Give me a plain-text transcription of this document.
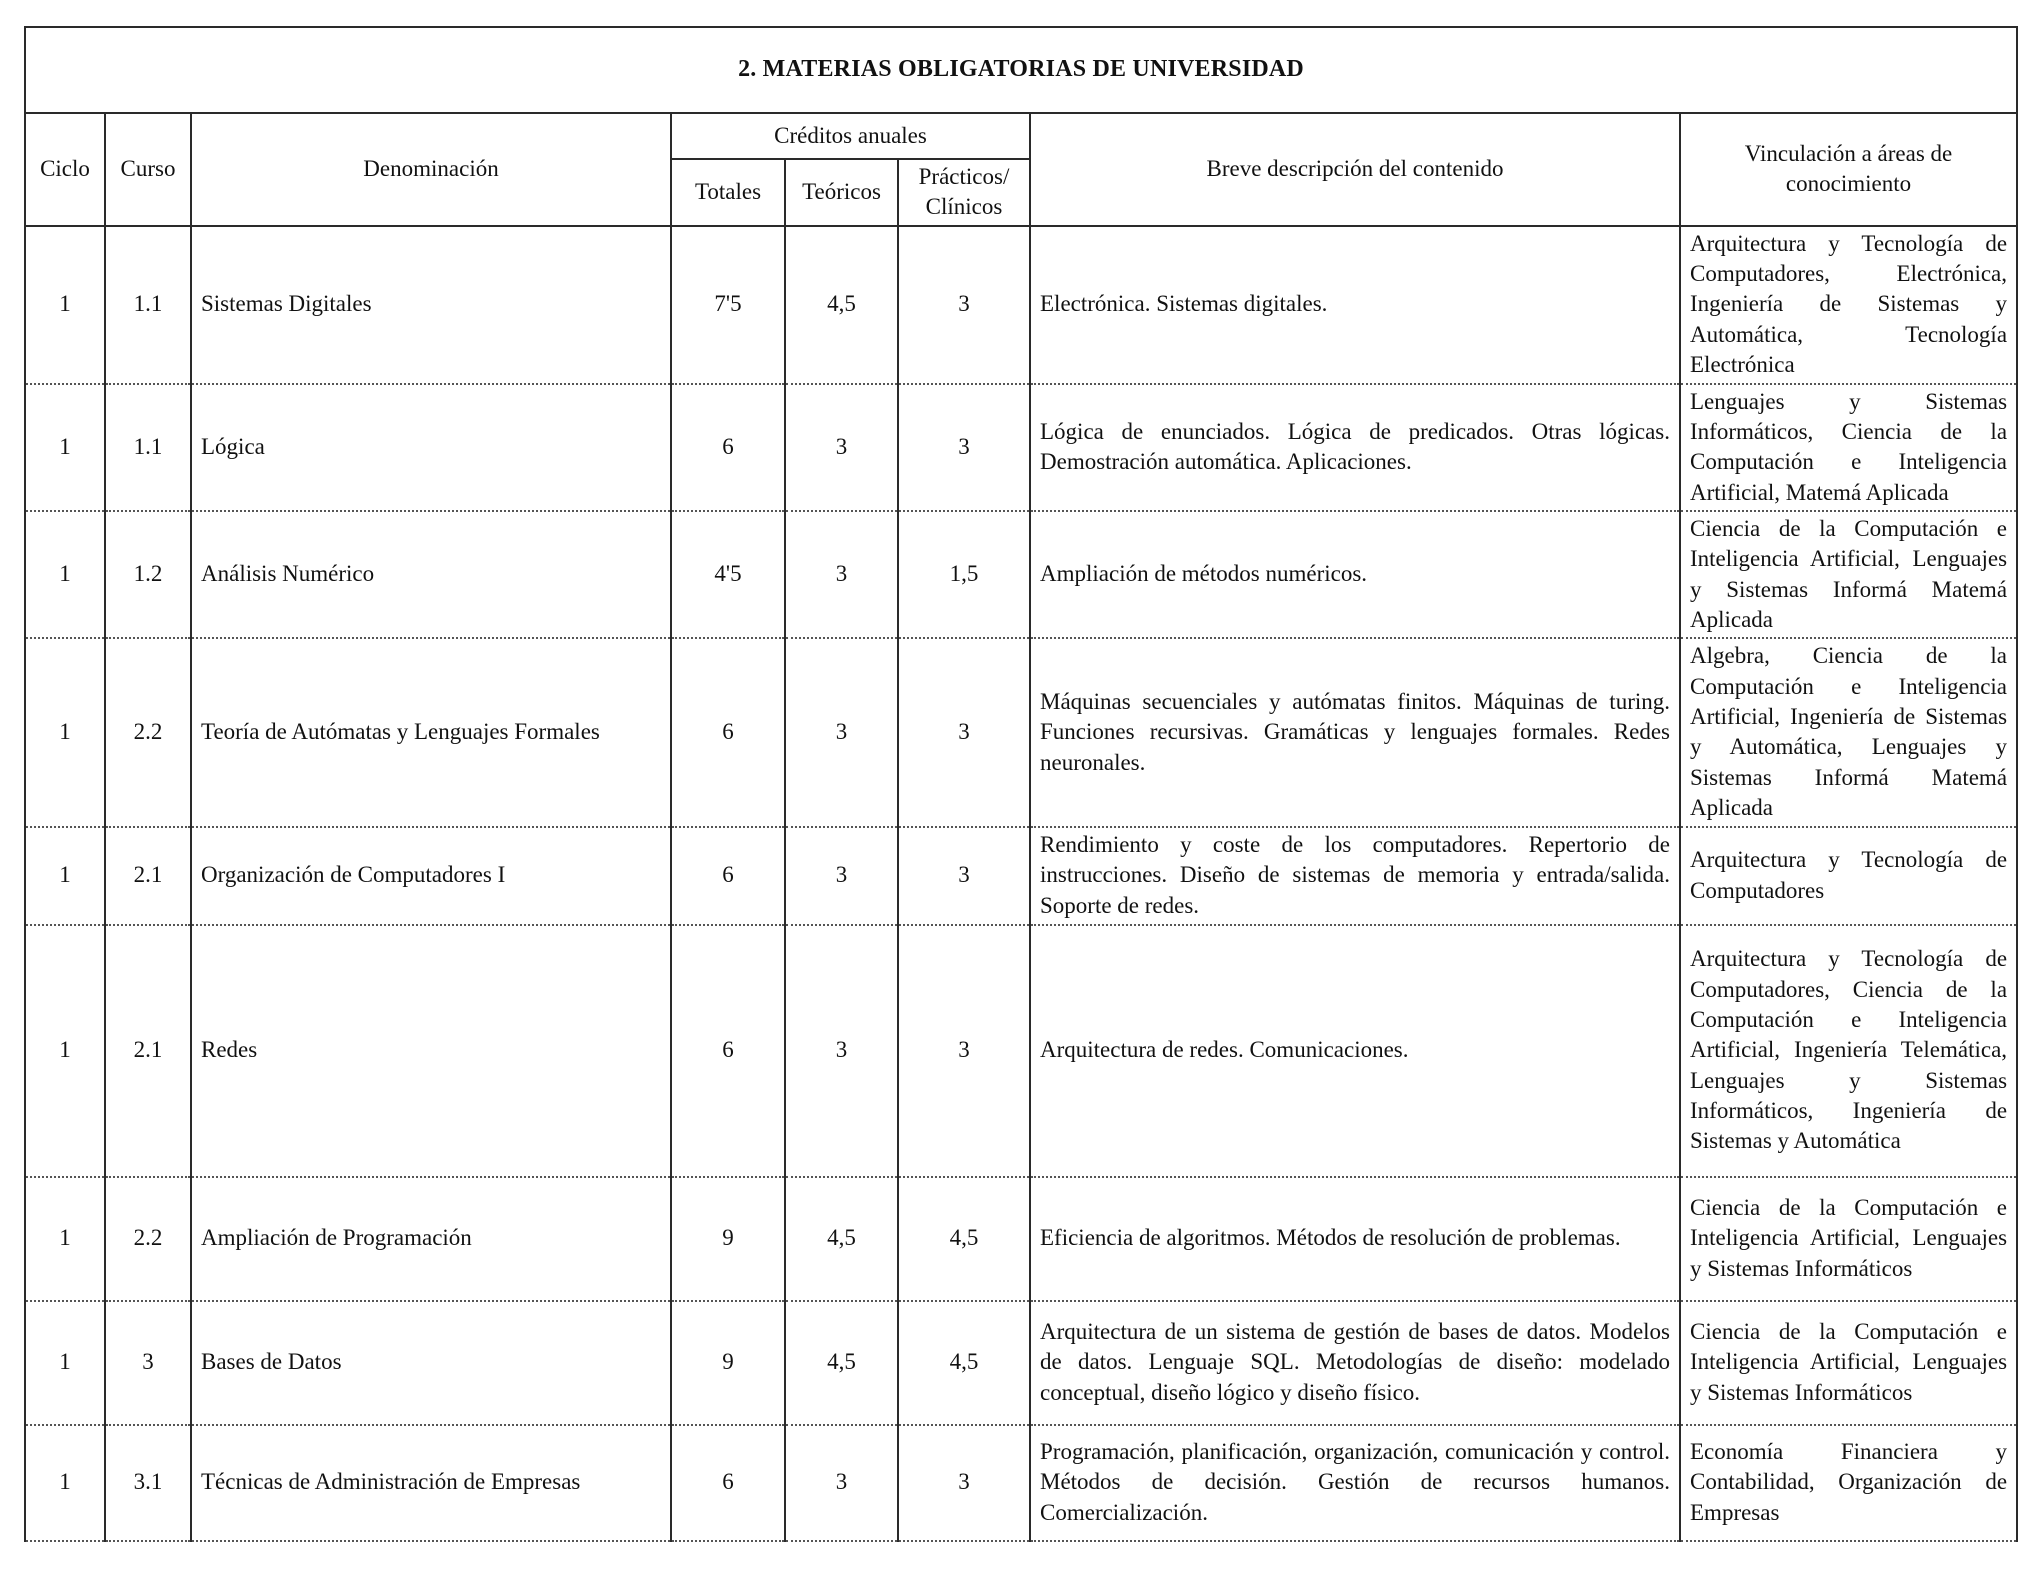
2. MATERIAS OBLIGATORIAS DE UNIVERSIDAD							
Ciclo	Curso	Denominación	Créditos anuales			Breve descripción del contenido	Vinculación a áreas de conocimiento
			Totales	Teóricos	Prácticos/ Clínicos		
1	1.1	Sistemas Digitales	7'5	4,5	3	Electrónica. Sistemas digitales.	Arquitectura y Tecnología de Computadores, Electrónica, Ingeniería de Sistemas y Automática, Tecnología Electrónica
1	1.1	Lógica	6	3	3	Lógica de enunciados. Lógica de predicados. Otras lógicas. Demostración automática. Aplicaciones.	Lenguajes y Sistemas Informáticos, Ciencia de la Computación e Inteligencia Artificial, Matemá Aplicada
1	1.2	Análisis Numérico	4'5	3	1,5	Ampliación de métodos numéricos.	Ciencia de la Computación e Inteligencia Artificial, Lenguajes y Sistemas Informá Matemá Aplicada
1	2.2	Teoría de Autómatas y Lenguajes Formales	6	3	3	Máquinas secuenciales y autómatas finitos. Máquinas de turing. Funciones recursivas. Gramáticas y lenguajes formales. Redes neuronales.	Algebra, Ciencia de la Computación e Inteligencia Artificial, Ingeniería de Sistemas y Automática, Lenguajes y Sistemas Informá Matemá Aplicada
1	2.1	Organización de Computadores I	6	3	3	Rendimiento y coste de los computadores. Repertorio de instrucciones. Diseño de sistemas de memoria y entrada/salida. Soporte de redes.	Arquitectura y Tecnología de Computadores
1	2.1	Redes	6	3	3	Arquitectura de redes. Comunicaciones.	Arquitectura y Tecnología de Computadores, Ciencia de la Computación e Inteligencia Artificial, Ingeniería Telemática, Lenguajes y Sistemas Informáticos, Ingeniería de Sistemas y Automática
1	2.2	Ampliación de Programación	9	4,5	4,5	Eficiencia de algoritmos. Métodos de resolución de problemas.	Ciencia de la Computación e Inteligencia Artificial, Lenguajes y Sistemas Informáticos
1	3	Bases de Datos	9	4,5	4,5	Arquitectura de un sistema de gestión de bases de datos. Modelos de datos. Lenguaje SQL. Metodologías de diseño: modelado conceptual, diseño lógico y diseño físico.	Ciencia de la Computación e Inteligencia Artificial, Lenguajes y Sistemas Informáticos
1	3.1	Técnicas de Administración de Empresas	6	3	3	Programación, planificación, organización, comunicación y control. Métodos de decisión. Gestión de recursos humanos. Comercialización.	Economía Financiera y Contabilidad, Organización de Empresas
